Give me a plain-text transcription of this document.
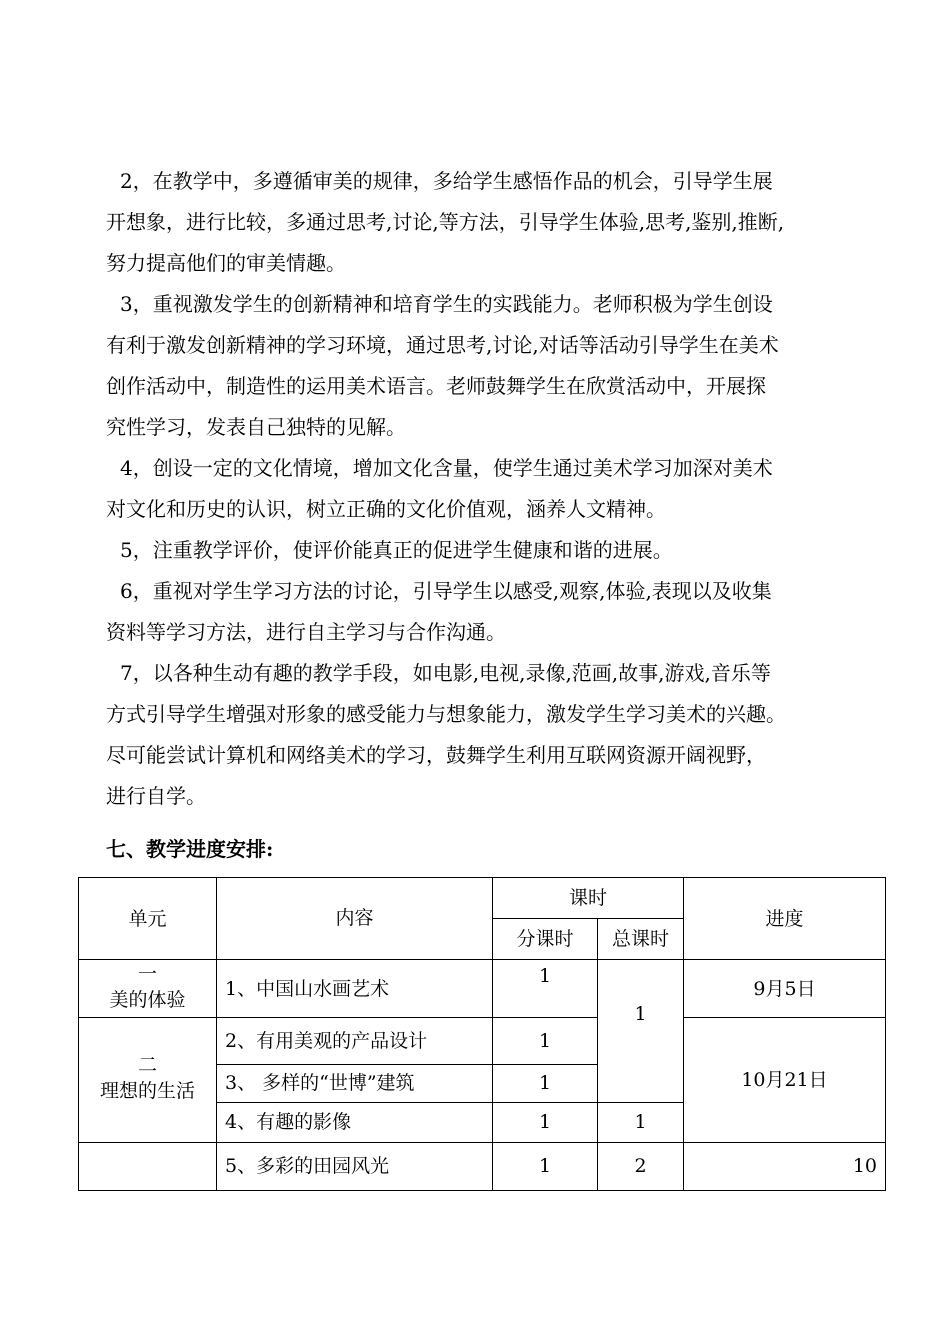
2，在教学中，多遵循审美的规律，多给学生感悟作品的机会，引导学生展
开想象，进行比较，多通过思考,讨论,等方法，引导学生体验,思考,鉴别,推断,
努力提高他们的审美情趣。
3，重视激发学生的创新精神和培育学生的实践能力。老师积极为学生创设
有利于激发创新精神的学习环境，通过思考,讨论,对话等活动引导学生在美术
创作活动中，制造性的运用美术语言。老师鼓舞学生在欣赏活动中，开展探
究性学习，发表自己独特的见解。
4，创设一定的文化情境，增加文化含量，使学生通过美术学习加深对美术
对文化和历史的认识，树立正确的文化价值观，涵养人文精神。
5，注重教学评价，使评价能真正的促进学生健康和谐的进展。
6，重视对学生学习方法的讨论，引导学生以感受,观察,体验,表现以及收集
资料等学习方法，进行自主学习与合作沟通。
7，以各种生动有趣的教学手段，如电影,电视,录像,范画,故事,游戏,音乐等
方式引导学生增强对形象的感受能力与想象能力，激发学生学习美术的兴趣。
尽可能尝试计算机和网络美术的学习，鼓舞学生利用互联网资源开阔视野，
进行自学。
七、教学进度安排:
单元	内容	课时		进度
		分课时	总课时	

一
美的体验	1、中国山水画艺术	1	1	9月5日

二
理想的生活	2、有用美观的产品设计	1		10月21日
	3、 多样的“世博”建筑	1		
	4、有趣的影像	1	1	
	5、多彩的田园风光	1	2	10
